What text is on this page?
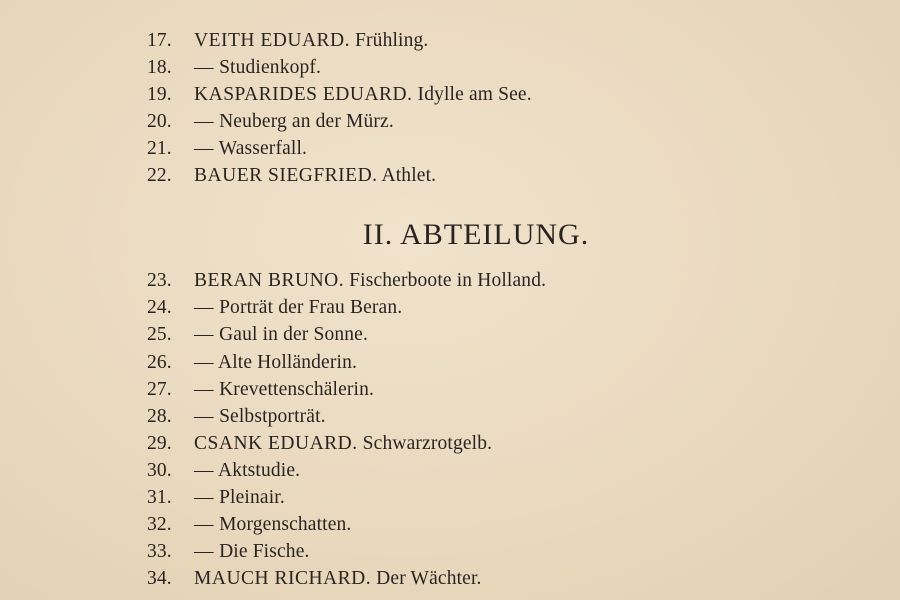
17. VEITH EDUARD. Frühling.
18. — Studienkopf.
19. KASPARIDES EDUARD. Idylle am See.
20. — Neuberg an der Mürz.
21. — Wasserfall.
22. BAUER SIEGFRIED. Athlet.
II. ABTEILUNG.
23. BERAN BRUNO. Fischerboote in Holland.
24. — Porträt der Frau Beran.
25. — Gaul in der Sonne.
26. — Alte Holländerin.
27. — Krevettenschälerin.
28. — Selbstporträt.
29. CSANK EDUARD. Schwarzrotgelb.
30. — Aktstudie.
31. — Pleinair.
32. — Morgenschatten.
33. — Die Fische.
34. MAUCH RICHARD. Der Wächter.
